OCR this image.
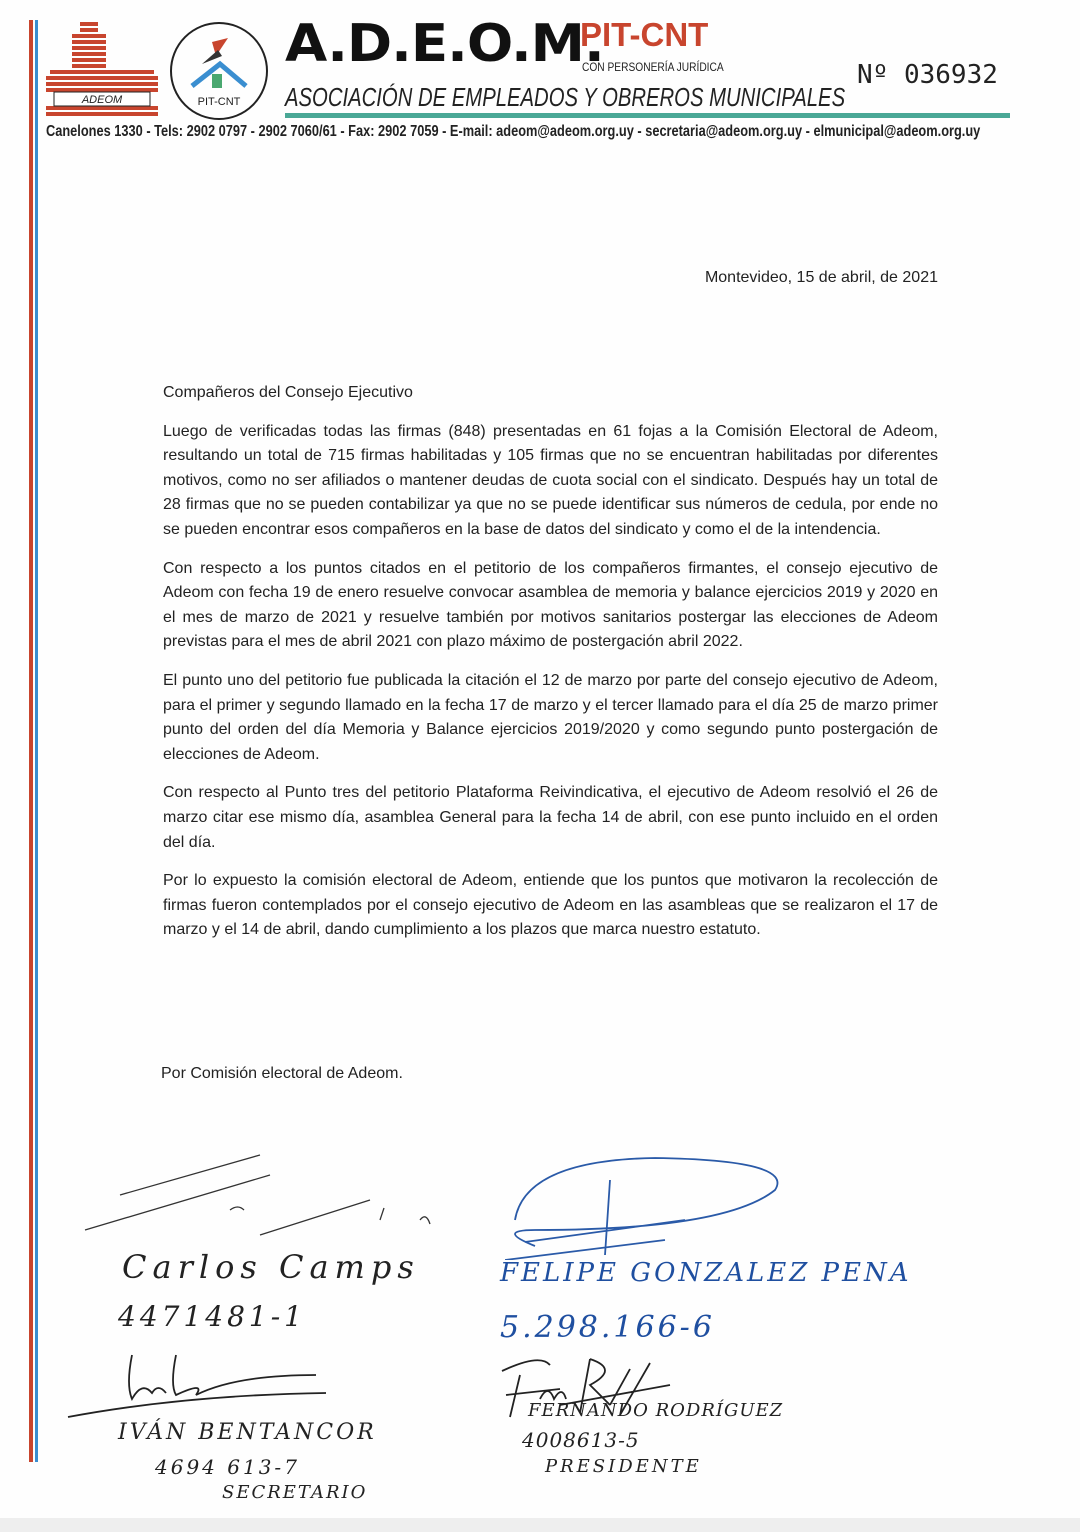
ADEOM	PIT-CNT
A.D.E.O.M.
PIT-CNT
CON PERSONERÍA JURÍDICA	Nº 036932
ASOCIACIÓN DE EMPLEADOS Y OBREROS MUNICIPALES
Canelones 1330 - Tels: 2902 0797 - 2902 7060/61 - Fax: 2902 7059 - E-mail: adeom@adeom.org.uy - secretaria@adeom.org.uy - elmunicipal@adeom.org.uy
Montevideo, 15 de abril, de 2021

Compañeros del Consejo Ejecutivo

Luego de verificadas todas las firmas (848) presentadas en 61 fojas a la Comisión Electoral de Adeom, resultando un total de 715 firmas habilitadas y 105 firmas que no se encuentran habilitadas por diferentes motivos, como no ser afiliados o mantener deudas de cuota social con el sindicato. Después hay un total de 28 firmas que no se pueden contabilizar ya que no se puede identificar sus números de cedula, por ende no se pueden encontrar esos compañeros en la base de datos del sindicato y como el de la intendencia.

Con respecto a los puntos citados en el petitorio de los compañeros firmantes, el consejo ejecutivo de Adeom con fecha 19 de enero resuelve convocar asamblea de memoria y balance ejercicios 2019 y 2020 en el mes de marzo de 2021 y resuelve también por motivos sanitarios postergar las elecciones de Adeom previstas para el mes de abril 2021 con plazo máximo de postergación abril 2022.

El punto uno del petitorio fue publicada la citación el 12 de marzo por parte del consejo ejecutivo de Adeom, para el primer y segundo llamado en la fecha 17 de marzo y el tercer llamado para el día 25 de marzo primer punto del orden del día Memoria y Balance ejercicios 2019/2020 y como segundo punto postergación de elecciones de Adeom.

Con respecto al Punto tres del petitorio Plataforma Reivindicativa, el ejecutivo de Adeom resolvió el 26 de marzo citar ese mismo día, asamblea General para la fecha 14 de abril, con ese punto incluido en el orden del día.

Por lo expuesto la comisión electoral de Adeom, entiende que los puntos que motivaron la recolección de firmas fueron contemplados por el consejo ejecutivo de Adeom en las asambleas que se realizaron el 17 de marzo y el 14 de abril, dando cumplimiento a los plazos que marca nuestro estatuto.

Por Comisión electoral de Adeom.
Carlos Camps
4471481-1
IVÁN BENTANCOR
4694 613-7
SECRETARIO
FELIPE GONZALEZ PENA
5.298.166-6
FERNANDO RODRÍGUEZ
4008613-5
PRESIDENTE
